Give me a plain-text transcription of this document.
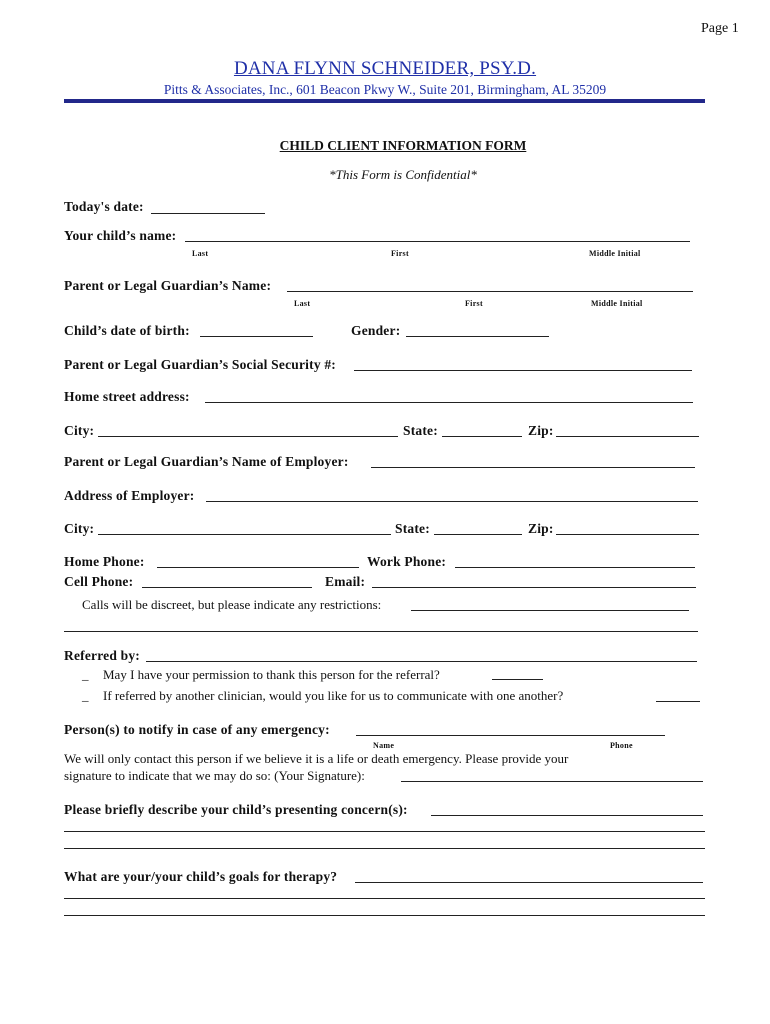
Page 1
DANA FLYNN SCHNEIDER, PSY.D.
Pitts & Associates, Inc., 601 Beacon Pkwy W., Suite 201, Birmingham, AL 35209
CHILD CLIENT INFORMATION FORM
*This Form is Confidential*
Today's date:
Your child’s name:
Last	First	Middle Initial
Parent or Legal Guardian’s Name:
Last	First	Middle Initial
Child’s date of birth:	Gender:
Parent or Legal Guardian’s Social Security #:
Home street address:
City:	State:	Zip:
Parent or Legal Guardian’s Name of Employer:
Address of Employer:
City:	State:	Zip:
Home Phone:	Work Phone:
Cell Phone:	Email:
Calls will be discreet, but please indicate any restrictions:
Referred by:
_ May I have your permission to thank this person for the referral?
_ If referred by another clinician, would you like for us to communicate with one another?
Person(s) to notify in case of any emergency:
Name	Phone
We will only contact this person if we believe it is a life or death emergency. Please provide your
signature to indicate that we may do so: (Your Signature):
Please briefly describe your child’s presenting concern(s):
What are your/your child’s goals for therapy?
